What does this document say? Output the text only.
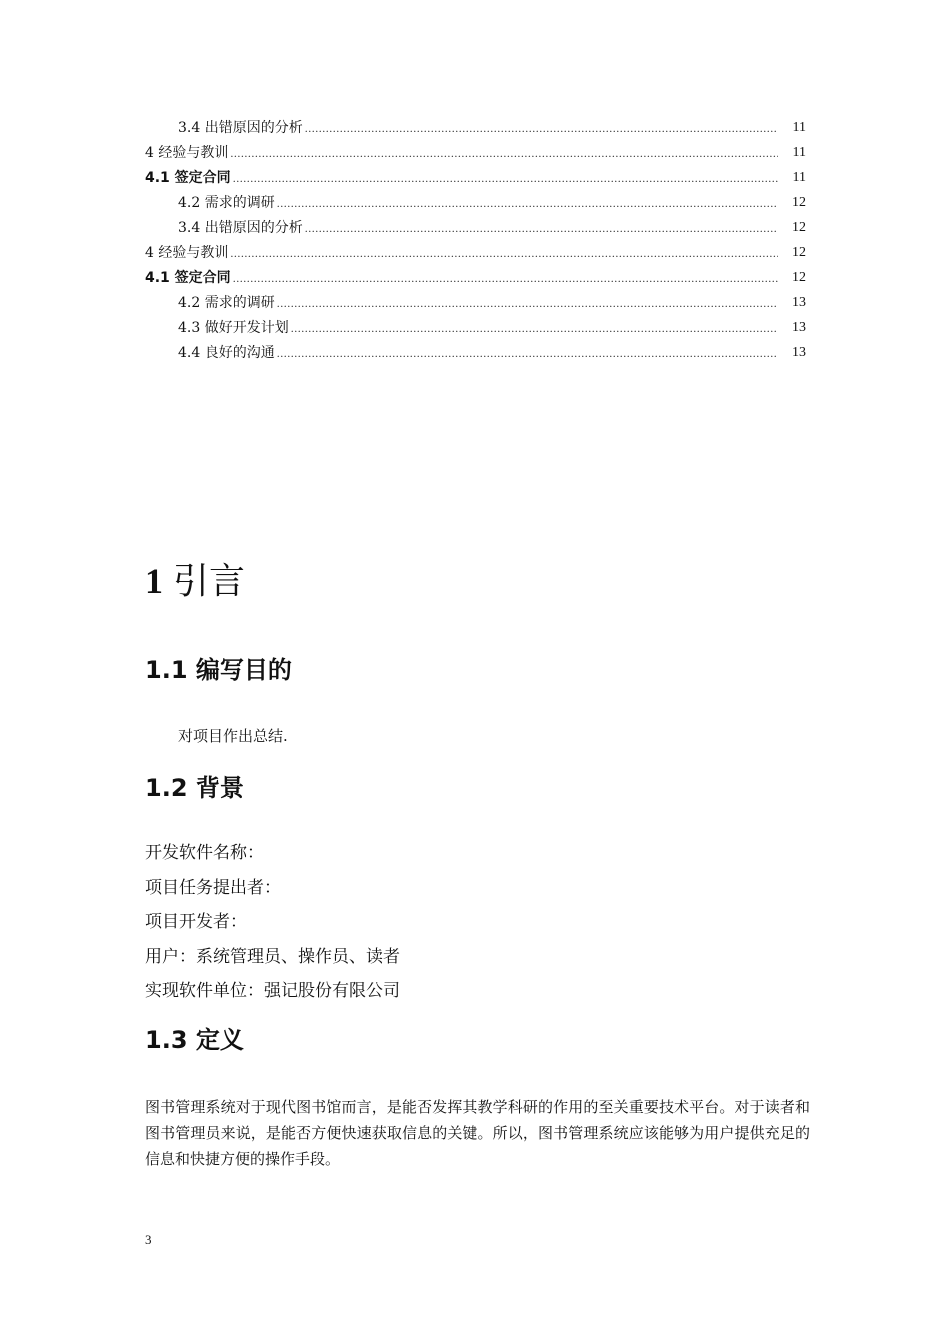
3.4 出错原因的分析 .....	11
4 经验与教训 .....	11
4.1 签定合同 .....	11
4.2 需求的调研 .....	12
3.4 出错原因的分析 .....	12
4 经验与教训 .....	12
4.1 签定合同 .....	12
4.2 需求的调研 .....	13
4.3 做好开发计划 .....	13
4.4 良好的沟通 .....	13
1 引言
1.1 编写目的

对项目作出总结.

1.2 背景
开发软件名称：
项目任务提出者：
项目开发者：
用户：系统管理员、操作员、读者
实现软件单位：强记股份有限公司
1.3 定义

图书管理系统对于现代图书馆而言，是能否发挥其教学科研的作用的至关重要技术平台。对于读者和图书管理员来说，是能否方便快速获取信息的关键。所以，图书管理系统应该能够为用户提供充足的信息和快捷方便的操作手段。

3
